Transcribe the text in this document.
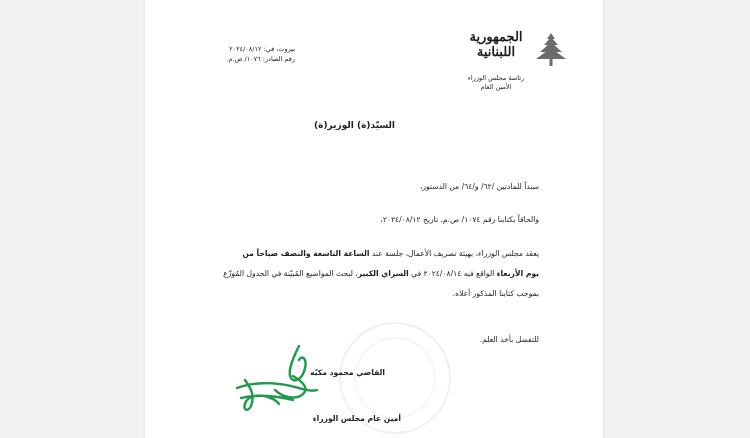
الجمهورية
اللبنانية
رئاسة مجلس الوزراء
الأمين العام
بيروت، في: ٢٠٢٤/٠٨/١٢
رقم الصادر: ١٠٧٦/ ص.م.
السيّد(ة) الوزير(ة)
سنداً للمادتين /٦٢/ و/٦٤/ من الدستور،
والحاقاً بكتابنا رقم ١٠٧٤/ ص.م. تاريخ ٢٠٢٤/٠٨/١٢،
يعقد مجلس الوزراء، بهيئة تصريف الأعمال، جلسة عند الساعة التاسعة والنصف صباحاً من
يوم الأربعاء الواقع فيه ٢٠٢٤/٠٨/١٤ في السراي الكبير، لبحث المواضيع المُبيّنة في الجدول المُوزّع
بموجب كتابنا المذكور أعلاه.
للتفضل بأخذ العلم.
القاضي محمود مكيّه
أمين عام مجلس الوزراء
